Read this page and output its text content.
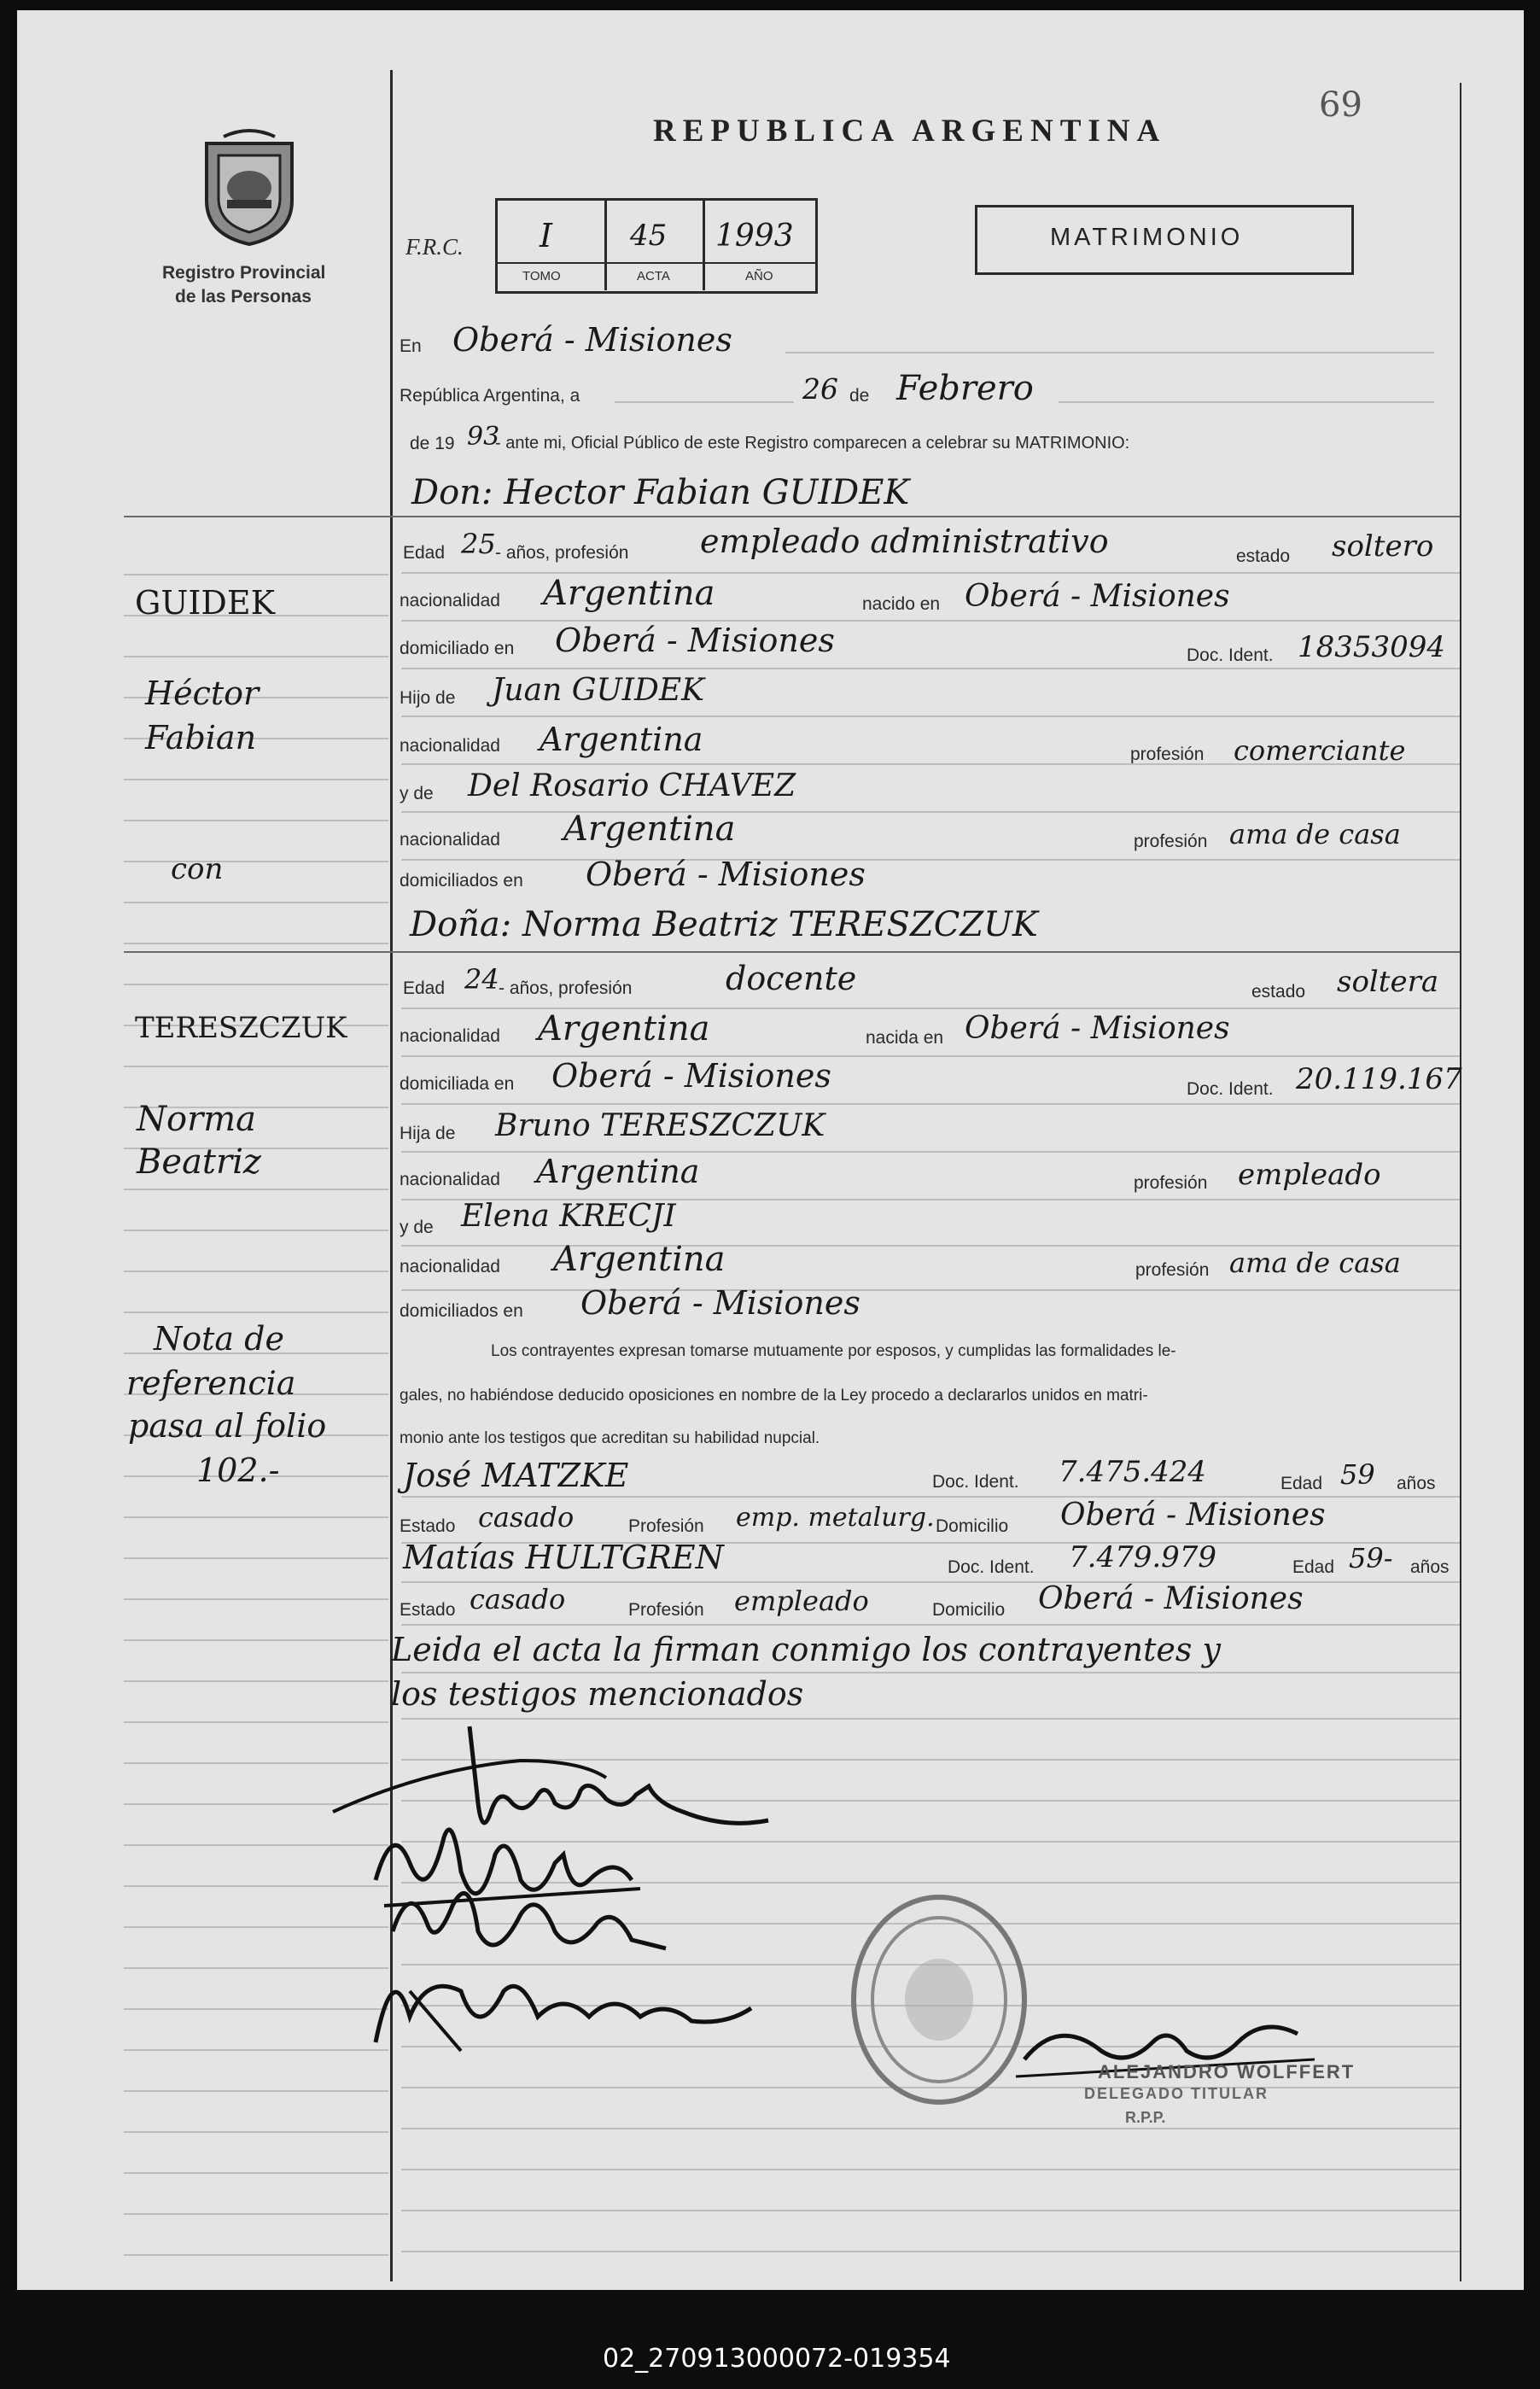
69
Registro Provincial
de las Personas
REPUBLICA ARGENTINA
F.R.C. I	45 1993
TOMO	ACTA	AÑO
MATRIMONIO
En Oberá - Misiones
República Argentina, a	26 de Febrero
de 19 93
- ante mi, Oficial Público de este Registro comparecen a celebrar su MATRIMONIO:
Don: Hector Fabian GUIDEK
Edad 25 - años, profesión empleado administrativo	estado soltero
nacionalidad Argentina	nacido en Oberá - Misiones
domiciliado en Oberá - Misiones	Doc. Ident. 18353094
Hijo de Juan GUIDEK
nacionalidad Argentina	profesión comerciante
y de Del Rosario CHAVEZ
nacionalidad Argentina	profesión ama de casa
domiciliados en Oberá - Misiones
Doña: Norma Beatriz TERESZCZUK
Edad 24 - años, profesión	docente	estado soltera
nacionalidad Argentina	nacida en Oberá - Misiones
domiciliada en Oberá - Misiones	Doc. Ident. 20.119.167
Hija de Bruno TERESZCZUK
nacionalidad Argentina	profesión empleado
y de Elena KRECJI
nacionalidad Argentina	profesión ama de casa
domiciliados en Oberá - Misiones
Los contrayentes expresan tomarse mutuamente por esposos, y cumplidas las formalidades le-
gales, no habiéndose deducido oposiciones en nombre de la Ley procedo a declararlos unidos en matri-
monio ante los testigos que acreditan su habilidad nupcial.
José MATZKE	Doc. Ident. 7.475.424	Edad 59 años
Estado casado	Profesión emp. metalurg. Domicilio Oberá - Misiones
Matías HULTGREN	Doc. Ident. 7.479.979	Edad 59- años
Estado casado	Profesión empleado	Domicilio Oberá - Misiones
Leida el acta la firman conmigo los contrayentes y
los testigos mencionados
GUIDEK
Héctor
Fabian
con
TERESZCZUK
Norma
Beatriz
Nota de
referencia
pasa al folio
102.-
ALEJANDRO WOLFFERT
DELEGADO TITULAR
R.P.P.
02_270913000072-019354
